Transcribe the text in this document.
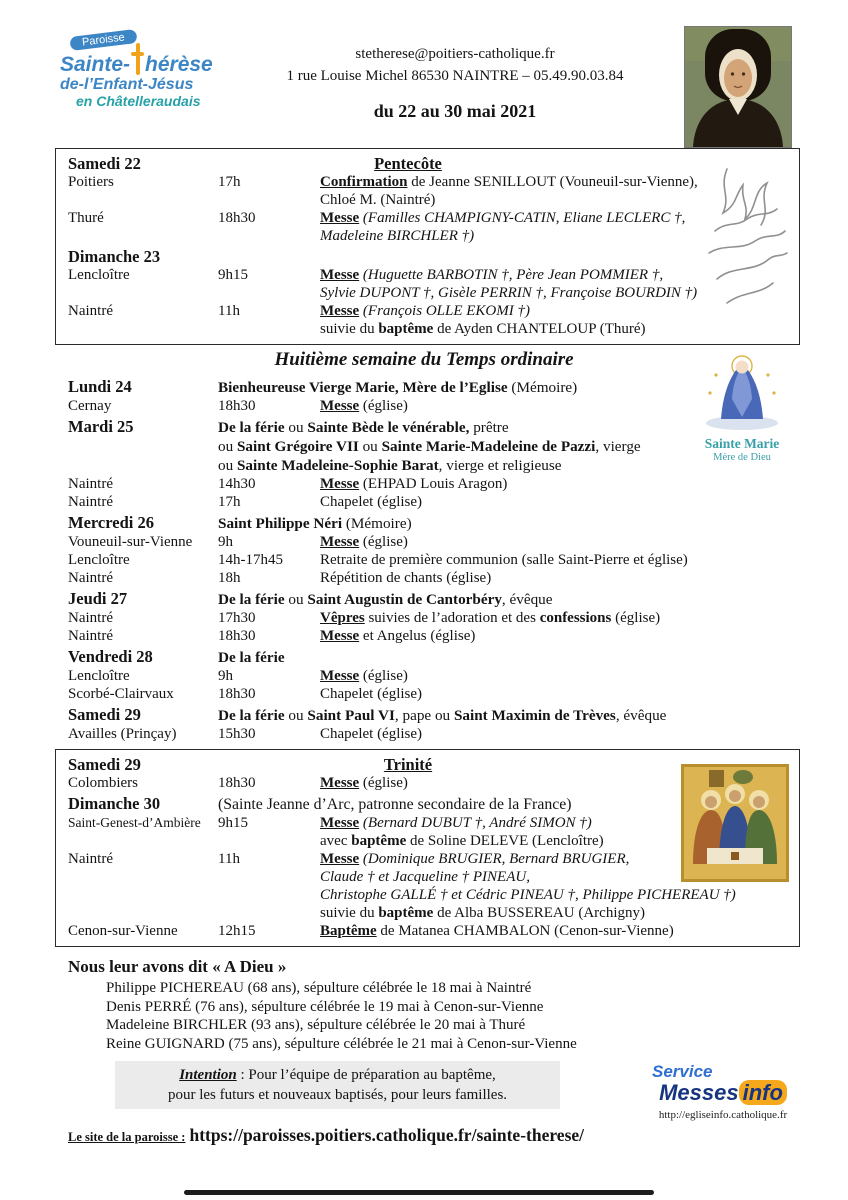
Paroisse
Sainte- hérèse
de-l’Enfant-Jésus
en Châtelleraudais
stetherese@poitiers-catholique.fr
1 rue Louise Michel 86530 NAINTRE – 05.49.90.03.84
du 22 au 30 mai 2021
Samedi 22	Pentecôte
Poitiers	17h	Confirmation de Jeanne SENILLOUT (Vouneuil-sur-Vienne),
Chloé M. (Naintré)
Thuré	18h30	Messe (Familles CHAMPIGNY-CATIN, Eliane LECLERC †,
Madeleine BIRCHLER †)
Dimanche 23
Lencloître	9h15	Messe (Huguette BARBOTIN †, Père Jean POMMIER †,
Sylvie DUPONT †, Gisèle PERRIN †, Françoise BOURDIN †)
Naintré	11h	Messe (François OLLE EKOMI †)
suivie du baptême de Ayden CHANTELOUP (Thuré)
Huitième semaine du Temps ordinaire
Sainte Marie
Mère de Dieu
Lundi 24	Bienheureuse Vierge Marie, Mère de l’Eglise (Mémoire)
Cernay	18h30	Messe (église)
Mardi 25	De la férie ou Sainte Bède le vénérable, prêtre
ou Saint Grégoire VII ou Sainte Marie-Madeleine de Pazzi, vierge
ou Sainte Madeleine-Sophie Barat, vierge et religieuse
Naintré	14h30	Messe (EHPAD Louis Aragon)
Naintré	17h	Chapelet (église)
Mercredi 26	Saint Philippe Néri (Mémoire)
Vouneuil-sur-Vienne	9h	Messe (église)
Lencloître	14h-17h45	Retraite de première communion (salle Saint-Pierre et église)
Naintré	18h	Répétition de chants (église)
Jeudi 27	De la férie ou Saint Augustin de Cantorbéry, évêque
Naintré	17h30	Vêpres suivies de l’adoration et des confessions (église)
Naintré	18h30	Messe et Angelus (église)
Vendredi 28	De la férie
Lencloître	9h	Messe (église)
Scorbé-Clairvaux	18h30	Chapelet (église)
Samedi 29	De la férie ou Saint Paul VI, pape ou Saint Maximin de Trèves, évêque
Availles (Prinçay)	15h30	Chapelet (église)
Samedi 29	Trinité
Colombiers	18h30	Messe (église)
Dimanche 30	(Sainte Jeanne d’Arc, patronne secondaire de la France)
Saint-Genest-d’Ambière	9h15	Messe (Bernard DUBUT †, André SIMON †)
avec baptême de Soline DELEVE (Lencloître)
Naintré	11h	Messe (Dominique BRUGIER, Bernard BRUGIER,
Claude † et Jacqueline † PINEAU,
Christophe GALLÉ † et Cédric PINEAU †, Philippe PICHEREAU †)
suivie du baptême de Alba BUSSEREAU (Archigny)
Cenon-sur-Vienne	12h15	Baptême de Matanea CHAMBALON (Cenon-sur-Vienne)
Nous leur avons dit « A Dieu »
Philippe PICHEREAU (68 ans), sépulture célébrée le 18 mai à Naintré
Denis PERRÉ (76 ans), sépulture célébrée le 19 mai à Cenon-sur-Vienne
Madeleine BIRCHLER (93 ans), sépulture célébrée le 20 mai à Thuré
Reine GUIGNARD (75 ans), sépulture célébrée le 21 mai à Cenon-sur-Vienne
Intention : Pour l’équipe de préparation au baptême,
pour les futurs et nouveaux baptisés, pour leurs familles.
Service
Messes info
http://egliseinfo.catholique.fr
Le site de la paroisse : https://paroisses.poitiers.catholique.fr/sainte-therese/
